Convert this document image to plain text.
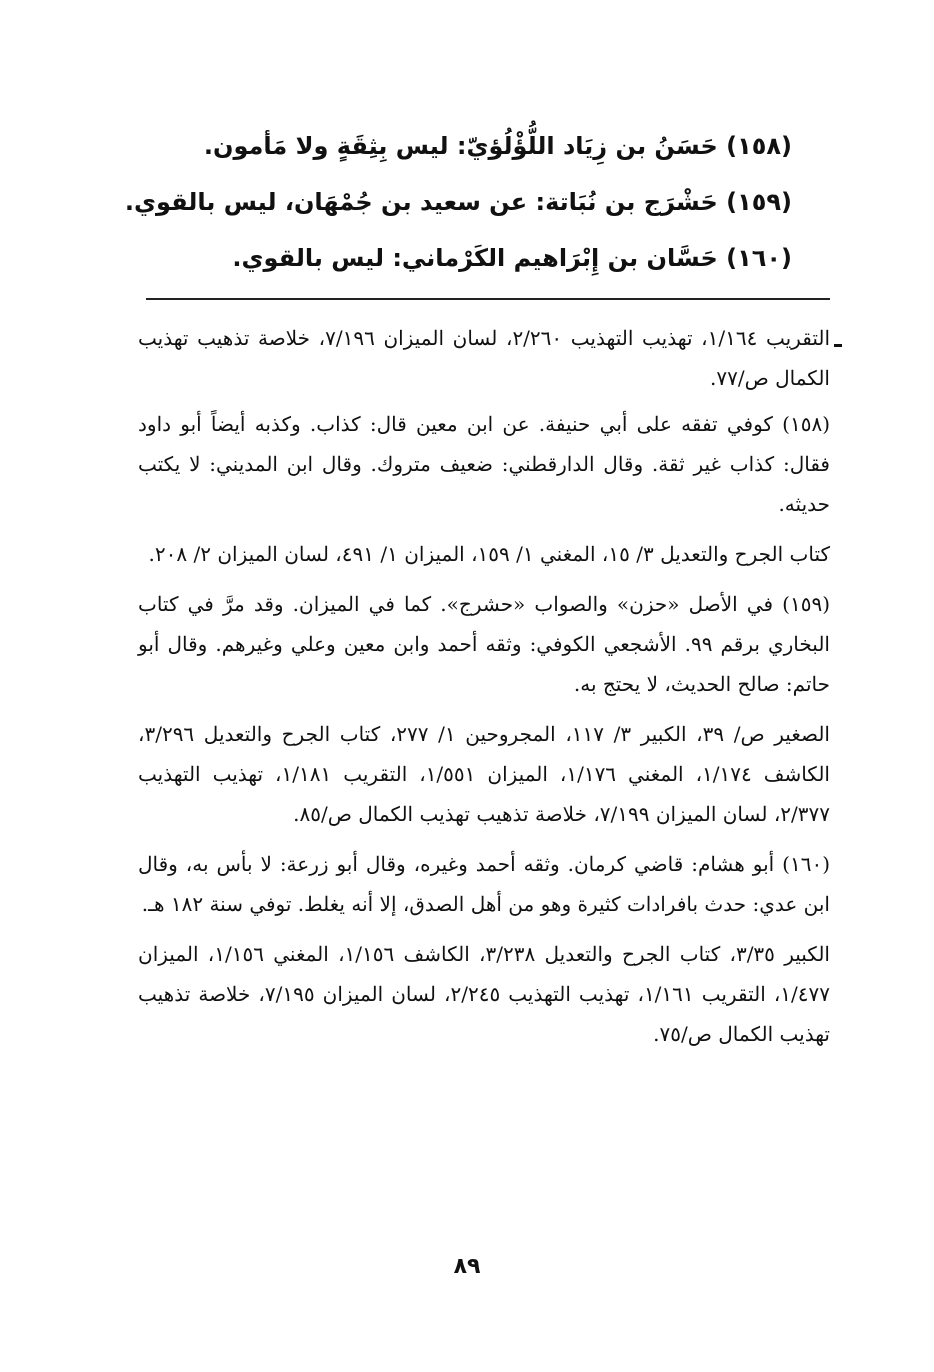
(١٥٨) حَسَنُ بن زِيَاد اللُّؤْلُؤيّ: ليس بِثِقَةٍ ولا مَأمون.
(١٥٩) حَشْرَج بن نُبَاتة: عن سعيد بن جُمْهَان، ليس بالقوي.
(١٦٠) حَسَّان بن إِبْرَاهيم الكَرْماني: ليس بالقوي.

التقريب ١/١٦٤، تهذيب التهذيب ٢/٢٦٠، لسان الميزان ٧/١٩٦، خلاصة تذهيب تهذيب الكمال ص/٧٧.

(١٥٨) كوفي تفقه على أبي حنيفة. عن ابن معين قال: كذاب. وكذبه أيضاً أبو داود فقال: كذاب غير ثقة. وقال الدارقطني: ضعيف متروك. وقال ابن المديني: لا يكتب حديثه.

كتاب الجرح والتعديل ٣/ ١٥، المغني ١/ ١٥٩، الميزان ١/ ٤٩١، لسان الميزان ٢/ ٢٠٨.

(١٥٩) في الأصل «حزن» والصواب «حشرج». كما في الميزان. وقد مرَّ في كتاب البخاري برقم ٩٩. الأشجعي الكوفي: وثقه أحمد وابن معين وعلي وغيرهم. وقال أبو حاتم: صالح الحديث، لا يحتج به.

الصغير ص/ ٣٩، الكبير ٣/ ١١٧، المجروحين ١/ ٢٧٧، كتاب الجرح والتعديل ٣/٢٩٦، الكاشف ١/١٧٤، المغني ١/١٧٦، الميزان ١/٥٥١، التقريب ١/١٨١، تهذيب التهذيب ٢/٣٧٧، لسان الميزان ٧/١٩٩، خلاصة تذهيب تهذيب الكمال ص/٨٥.

(١٦٠) أبو هشام: قاضي كرمان. وثقه أحمد وغيره، وقال أبو زرعة: لا بأس به، وقال ابن عدي: حدث بافرادات كثيرة وهو من أهل الصدق، إلا أنه يغلط. توفي سنة ١٨٢ هـ.

الكبير ٣/٣٥، كتاب الجرح والتعديل ٣/٢٣٨، الكاشف ١/١٥٦، المغني ١/١٥٦، الميزان ١/٤٧٧، التقريب ١/١٦١، تهذيب التهذيب ٢/٢٤٥، لسان الميزان ٧/١٩٥، خلاصة تذهيب تهذيب الكمال ص/٧٥.

٨٩
